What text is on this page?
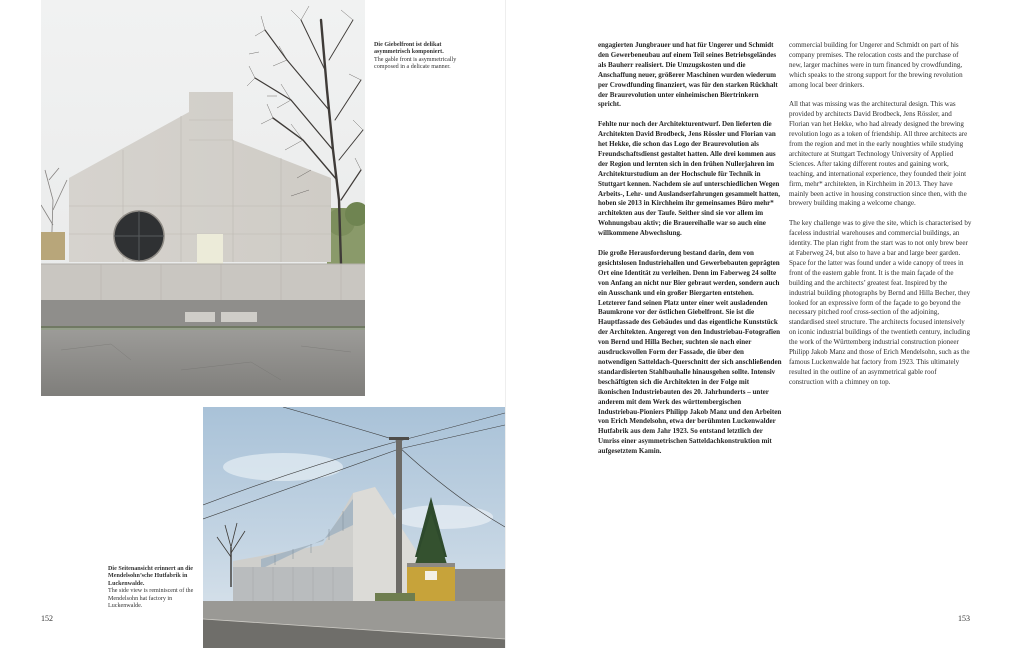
Die Giebelfront ist delikat asymmetrisch komponiert.
The gable front is asymmetrically composed in a delicate manner.
Die Seitenansicht erinnert an die Mendelsohn’sche Hutfabrik in Luckenwalde.
The side view is reminiscent of the Mendelsohn hat factory in Luckenwalde.
152	153

engagierten Jungbrauer und hat für Ungerer und Schmidt den Gewerbeneubau auf einem Teil seines Betriebsgeländes als Bauherr realisiert. Die Umzugskosten und die Anschaffung neuer, größerer Maschinen wurden wiederum per Crowdfunding finanziert, was für den starken Rückhalt der Braurevolution unter einheimischen Biertrinkern spricht.

Fehlte nur noch der Architekturentwurf. Den lieferten die Architekten David Brodbeck, Jens Rössler und Florian van het Hekke, die schon das Logo der Braurevolution als Freundschaftsdienst gestaltet hatten. Alle drei kommen aus der Region und lernten sich in den frühen Nullerjahren im Architekturstudium an der Hochschule für Technik in Stuttgart kennen. Nachdem sie auf unterschiedlichen Wegen Arbeits-, Lehr- und Auslandserfahrungen gesammelt hatten, hoben sie 2013 in Kirchheim ihr gemeinsames Büro mehr* architekten aus der Taufe. Seither sind sie vor allem im Wohnungsbau aktiv; die Brauereihalle war so auch eine willkommene Abwechslung.

Die große Herausforderung bestand darin, dem von gesichtslosen Industriehallen und Gewerbebauten geprägten Ort eine Identität zu verleihen. Denn im Faberweg 24 sollte von Anfang an nicht nur Bier gebraut werden, sondern auch ein Ausschank und ein großer Biergarten entstehen. Letzterer fand seinen Platz unter einer weit ausladenden Baumkrone vor der östlichen Giebelfront. Sie ist die Hauptfassade des Gebäudes und das eigentliche Kunststück der Architekten. Angeregt von den Industriebau-Fotografien von Bernd und Hilla Becher, suchten sie nach einer ausdrucksvollen Form der Fassade, die über den notwendigen Satteldach-Querschnitt der sich anschließenden standardisierten Stahlbauhalle hinausgehen sollte. Intensiv beschäftigten sich die Architekten in der Folge mit ikonischen Industriebauten des 20. Jahrhunderts – unter anderem mit dem Werk des württembergischen Industriebau-Pioniers Philipp Jakob Manz und den Arbeiten von Erich Mendelsohn, etwa der berühmten Luckenwalder Hutfabrik aus dem Jahr 1923. So entstand letztlich der Umriss einer asymmetrischen Satteldachkonstruktion mit aufgesetztem Kamin.

commercial building for Ungerer and Schmidt on part of his company premises. The relocation costs and the purchase of new, larger machines were in turn financed by crowdfunding, which speaks to the strong support for the brewing revolution among local beer drinkers.

All that was missing was the architectural design. This was provided by architects David Brodbeck, Jens Rössler, and Florian van het Hekke, who had already designed the brewing revolution logo as a token of friendship. All three architects are from the region and met in the early noughties while studying architecture at Stuttgart Technology University of Applied Sciences. After taking different routes and gaining work, teaching, and international experience, they founded their joint firm, mehr* architekten, in Kirchheim in 2013. They have mainly been active in housing construction since then, with the brewery building making a welcome change.

The key challenge was to give the site, which is characterised by faceless industrial warehouses and commercial buildings, an identity. The plan right from the start was to not only brew beer at Faberweg 24, but also to have a bar and large beer garden. Space for the latter was found under a wide canopy of trees in front of the eastern gable front. It is the main façade of the building and the architects’ greatest feat. Inspired by the industrial building photographs by Bernd and Hilla Becher, they looked for an expressive form of the façade to go beyond the necessary pitched roof cross-section of the adjoining, standardised steel structure. The architects focused intensively on iconic industrial buildings of the twentieth century, including the work of the Württemberg industrial construction pioneer Philipp Jakob Manz and those of Erich Mendelsohn, such as the famous Luckenwalde hat factory from 1923. This ultimately resulted in the outline of an asymmetrical gable roof construction with a chimney on top.
